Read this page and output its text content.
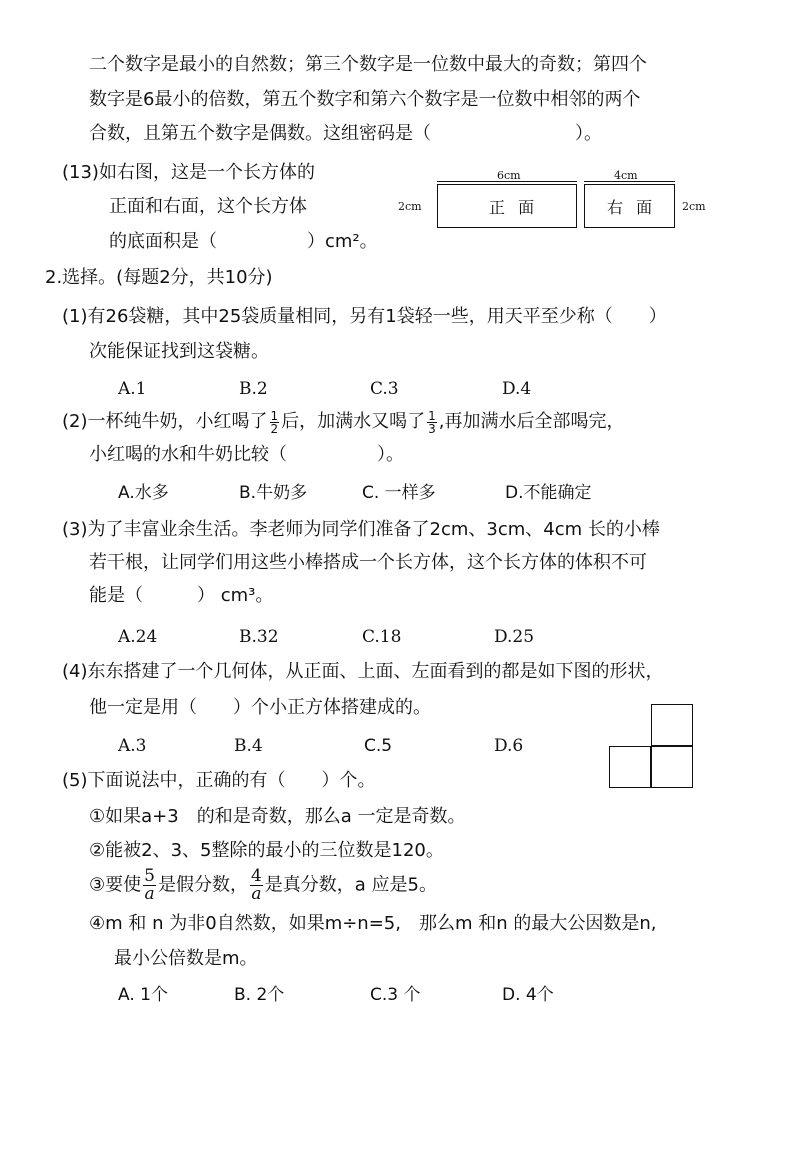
二个数字是最小的自然数；第三个数字是一位数中最大的奇数；第四个
数字是6最小的倍数，第五个数字和第六个数字是一位数中相邻的两个
合数，且第五个数字是偶数。这组密码是（　　　　　　　　）。
(13)如右图，这是一个长方体的
正面和右面，这个长方体
的底面积是（　　　　　）cm²。
6cm	4cm
2cm	2cm
正 面	右 面
2.选择。(每题2分，共10分)
(1)有26袋糖，其中25袋质量相同，另有1袋轻一些，用天平至少称（　　）
次能保证找到这袋糖。
A.1	B.2	C.3	D.4
(2)一杯纯牛奶，小红喝了 $\frac{1}{2}$ 后，加满水又喝了 $\frac{1}{3}$ ,再加满水后全部喝完，
小红喝的水和牛奶比较（　　　　　）。
A.水多	B.牛奶多	C. 一样多	D.不能确定
(3)为了丰富业余生活。李老师为同学们准备了2cm、3cm、4cm 长的小棒
若干根，让同学们用这些小棒搭成一个长方体，这个长方体的体积不可
能是（　　　） cm³。
A.24	B.32	C.18	D.25
(4)东东搭建了一个几何体，从正面、上面、左面看到的都是如下图的形状，
他一定是用（　　）个小正方体搭建成的。
A.3	B.4	C.5	D.6
(5)下面说法中，正确的有（　　）个。
①如果a+3　的和是奇数，那么a 一定是奇数。
②能被2、3、5整除的最小的三位数是120。
③要使 $\frac{5}{a}$ 是假分数， $\frac{4}{a}$ 是真分数，a 应是5。
④m 和 n 为非0自然数，如果m÷n=5,　那么m 和n 的最大公因数是n,
最小公倍数是m。
A. 1个	B. 2个	C.3 个	D. 4个
